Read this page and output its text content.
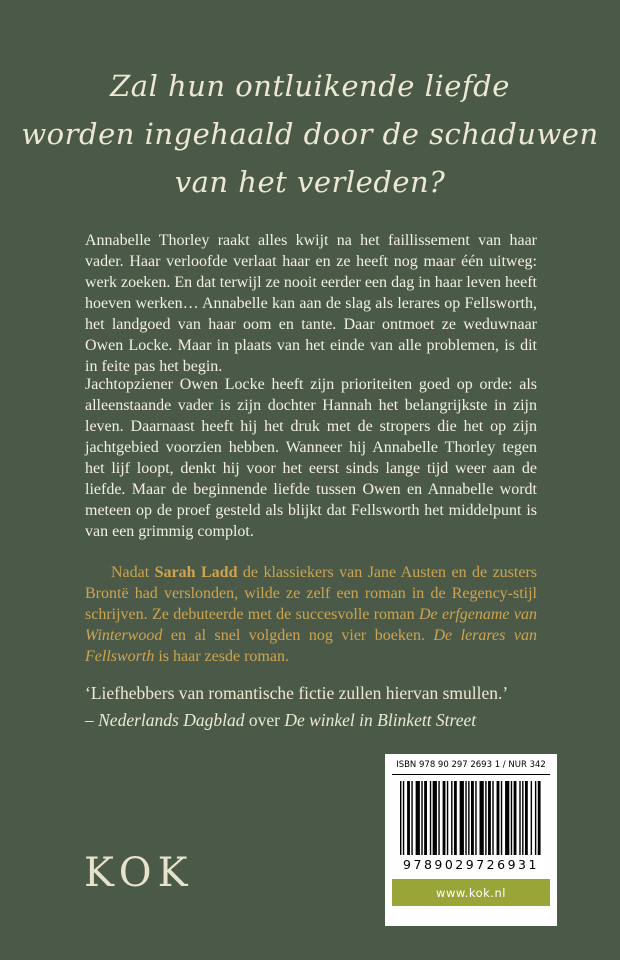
Zal hun ontluikende liefde
worden ingehaald door de schaduwen
van het verleden?
Annabelle Thorley raakt alles kwijt na het faillissement van haar vader. Haar verloofde verlaat haar en ze heeft nog maar één uitweg: werk zoeken. En dat terwijl ze nooit eerder een dag in haar leven heeft hoeven werken… Annabelle kan aan de slag als lerares op Fellsworth, het landgoed van haar oom en tante. Daar ontmoet ze weduwnaar Owen Locke. Maar in plaats van het einde van alle problemen, is dit in feite pas het begin.
Jachtopziener Owen Locke heeft zijn prioriteiten goed op orde: als alleenstaande vader is zijn dochter Hannah het belangrijkste in zijn leven. Daarnaast heeft hij het druk met de stropers die het op zijn jachtgebied voorzien hebben. Wanneer hij Annabelle Thorley tegen het lijf loopt, denkt hij voor het eerst sinds lange tijd weer aan de liefde. Maar de beginnende liefde tussen Owen en Annabelle wordt meteen op de proef gesteld als blijkt dat Fellsworth het middelpunt is van een grimmig complot.
Nadat Sarah Ladd de klassiekers van Jane Austen en de zusters Brontë had verslonden, wilde ze zelf een roman in de Regency-stijl schrijven. Ze debuteerde met de succesvolle roman De erfgename van Winterwood en al snel volgden nog vier boeken. De lerares van Fellsworth is haar zesde roman.
‘Liefhebbers van romantische fictie zullen hiervan smullen.’
– Nederlands Dagblad over De winkel in Blinkett Street
KOK
ISBN 978 90 297 2693 1 / NUR 342
9789029726931
www.kok.nl
